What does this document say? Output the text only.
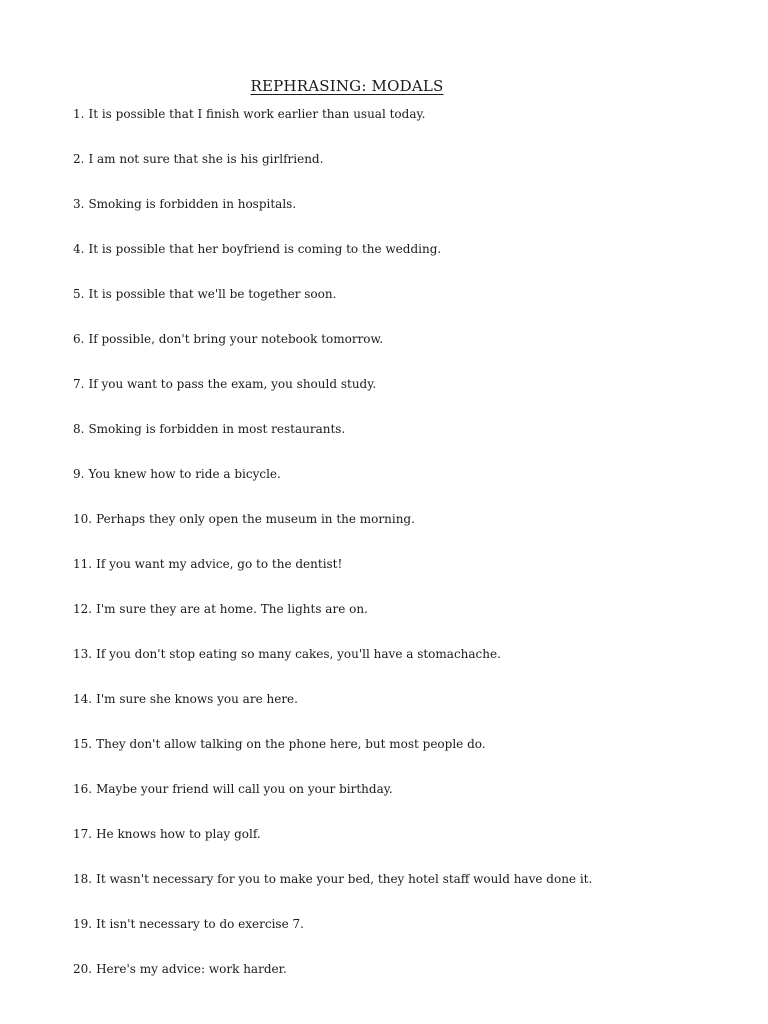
REPHRASING: MODALS
1. It is possible that I finish work earlier than usual today.
2. I am not sure that she is his girlfriend.
3. Smoking is forbidden in hospitals.
4. It is possible that her boyfriend is coming to the wedding.
5. It is possible that we'll be together soon.
6. If possible, don't bring your notebook tomorrow.
7. If you want to pass the exam, you should study.
8. Smoking is forbidden in most restaurants.
9. You knew how to ride a bicycle.
10. Perhaps they only open the museum in the morning.
11. If you want my advice, go to the dentist!
12. I'm sure they are at home. The lights are on.
13. If you don't stop eating so many cakes, you'll have a stomachache.
14. I'm sure she knows you are here.
15. They don't allow talking on the phone here, but most people do.
16. Maybe your friend will call you on your birthday.
17. He knows how to play golf.
18. It wasn't necessary for you to make your bed, they hotel staff would have done it.
19. It isn't necessary to do exercise 7.
20. Here's my advice: work harder.
